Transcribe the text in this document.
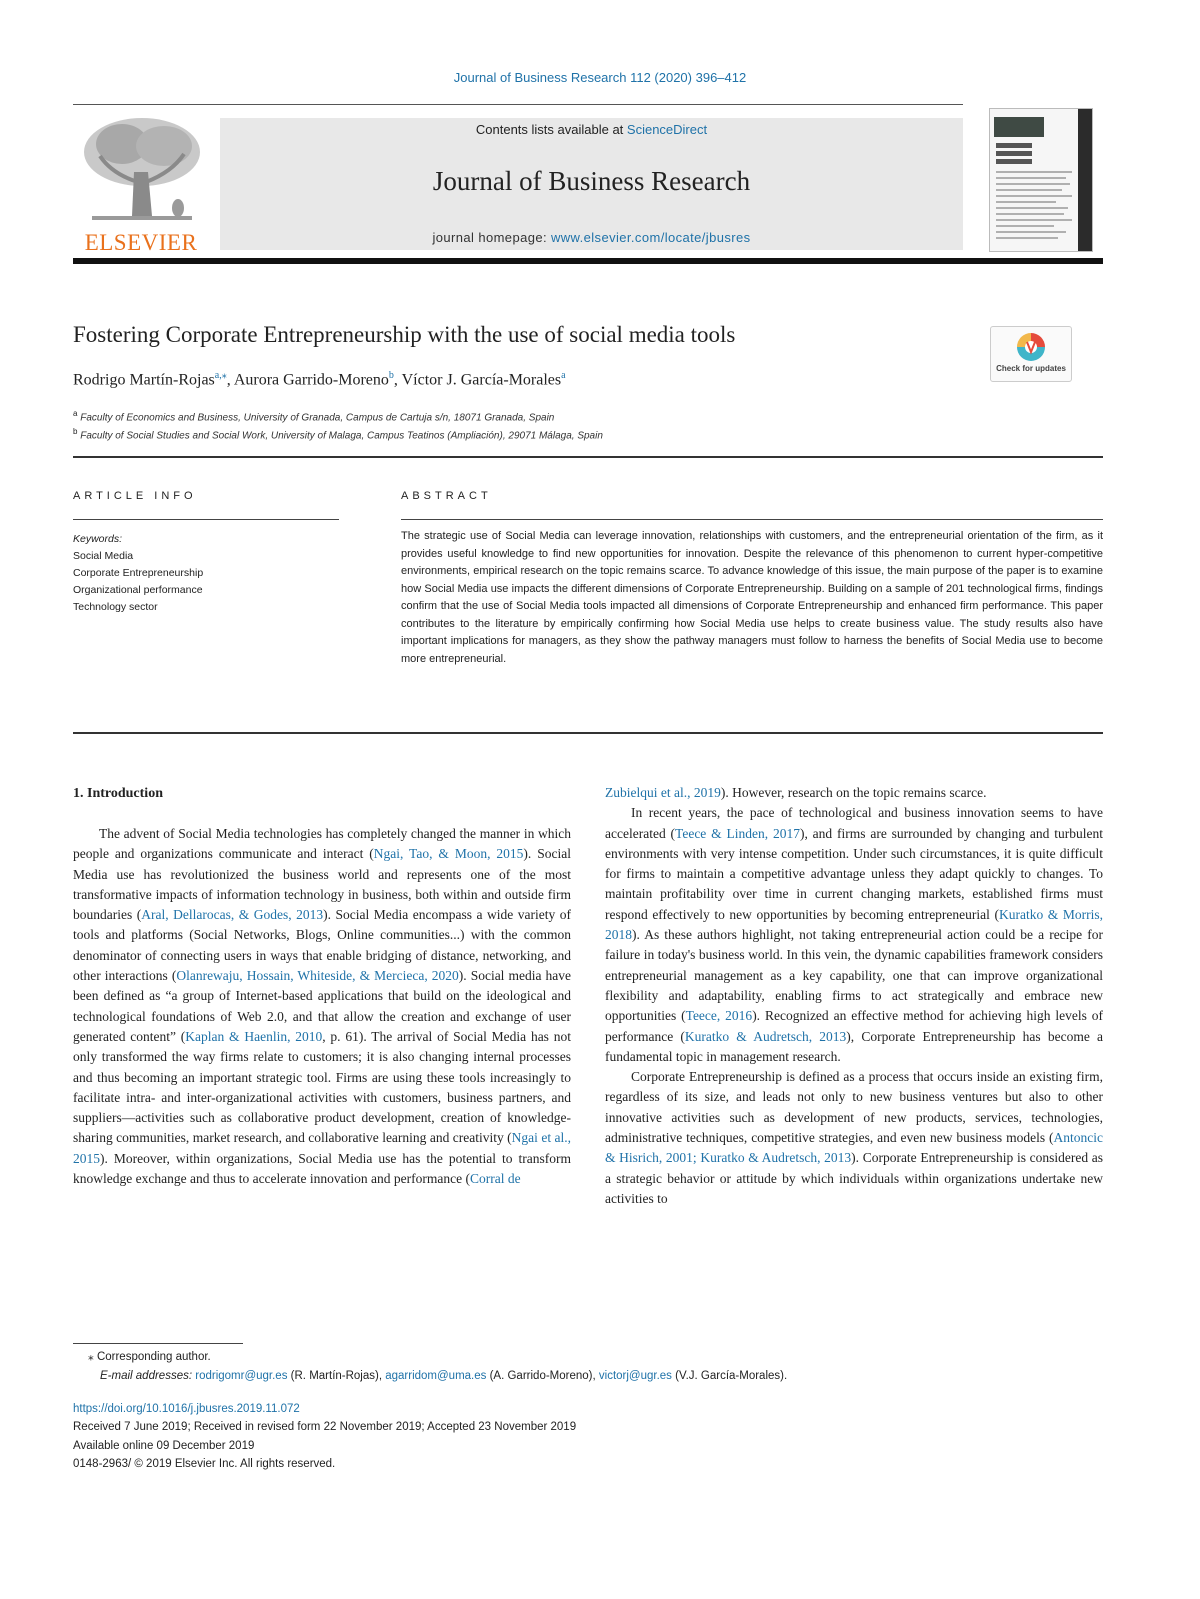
Journal of Business Research 112 (2020) 396–412
ELSEVIER
Contents lists available at ScienceDirect
Journal of Business Research
journal homepage: www.elsevier.com/locate/jbusres
Fostering Corporate Entrepreneurship with the use of social media tools
Check for updates
Rodrigo Martín-Rojas$^{a,⁎}$, Aurora Garrido-Moreno$^b$, Víctor J. García-Morales$^a$
$^a$ Faculty of Economics and Business, University of Granada, Campus de Cartuja s/n, 18071 Granada, Spain
$^b$ Faculty of Social Studies and Social Work, University of Malaga, Campus Teatinos (Ampliación), 29071 Málaga, Spain
ARTICLE INFO	ABSTRACT
Keywords:
Social Media
Corporate Entrepreneurship
Organizational performance
Technology sector
The strategic use of Social Media can leverage innovation, relationships with customers, and the entrepreneurial orientation of the firm, as it provides useful knowledge to find new opportunities for innovation. Despite the relevance of this phenomenon to current hyper-competitive environments, empirical research on the topic remains scarce. To advance knowledge of this issue, the main purpose of the paper is to examine how Social Media use impacts the different dimensions of Corporate Entrepreneurship. Building on a sample of 201 technological firms, findings confirm that the use of Social Media tools impacted all dimensions of Corporate Entrepreneurship and enhanced firm performance. This paper contributes to the literature by empirically confirming how Social Media use helps to create business value. The study results also have important implications for managers, as they show the pathway managers must follow to harness the benefits of Social Media use to become more entrepreneurial.
1. Introduction

The advent of Social Media technologies has completely changed the manner in which people and organizations communicate and interact (Ngai, Tao, & Moon, 2015). Social Media use has revolutionized the business world and represents one of the most transformative impacts of information technology in business, both within and outside firm boundaries (Aral, Dellarocas, & Godes, 2013). Social Media encompass a wide variety of tools and platforms (Social Networks, Blogs, Online communities...) with the common denominator of connecting users in ways that enable bridging of distance, networking, and other interactions (Olanrewaju, Hossain, Whiteside, & Mercieca, 2020). Social media have been defined as “a group of Internet-based applications that build on the ideological and technological foundations of Web 2.0, and that allow the creation and exchange of user generated content” (Kaplan & Haenlin, 2010, p. 61). The arrival of Social Media has not only transformed the way firms relate to customers; it is also changing internal processes and thus becoming an important strategic tool. Firms are using these tools increasingly to facilitate intra- and inter-organizational activities with customers, business partners, and suppliers—activities such as collaborative product development, creation of knowledge-sharing communities, market research, and collaborative learning and creativity (Ngai et al., 2015). Moreover, within organizations, Social Media use has the potential to transform knowledge exchange and thus to accelerate innovation and performance (Corral de

Zubielqui et al., 2019). However, research on the topic remains scarce.

In recent years, the pace of technological and business innovation seems to have accelerated (Teece & Linden, 2017), and firms are surrounded by changing and turbulent environments with very intense competition. Under such circumstances, it is quite difficult for firms to maintain a competitive advantage unless they adapt quickly to changes. To maintain profitability over time in current changing markets, established firms must respond effectively to new opportunities by becoming entrepreneurial (Kuratko & Morris, 2018). As these authors highlight, not taking entrepreneurial action could be a recipe for failure in today's business world. In this vein, the dynamic capabilities framework considers entrepreneurial management as a key capability, one that can improve organizational flexibility and adaptability, enabling firms to act strategically and embrace new opportunities (Teece, 2016). Recognized an effective method for achieving high levels of performance (Kuratko & Audretsch, 2013), Corporate Entrepreneurship has become a fundamental topic in management research.

Corporate Entrepreneurship is defined as a process that occurs inside an existing firm, regardless of its size, and leads not only to new business ventures but also to other innovative activities such as development of new products, services, technologies, administrative techniques, competitive strategies, and even new business models (Antoncic & Hisrich, 2001; Kuratko & Audretsch, 2013). Corporate Entrepreneurship is considered as a strategic behavior or attitude by which individuals within organizations undertake new activities to

⁎ Corresponding author.
E-mail addresses: rodrigomr@ugr.es (R. Martín-Rojas), agarridom@uma.es (A. Garrido-Moreno), victorj@ugr.es (V.J. García-Morales).
https://doi.org/10.1016/j.jbusres.2019.11.072
Received 7 June 2019; Received in revised form 22 November 2019; Accepted 23 November 2019
Available online 09 December 2019
0148-2963/ © 2019 Elsevier Inc. All rights reserved.
